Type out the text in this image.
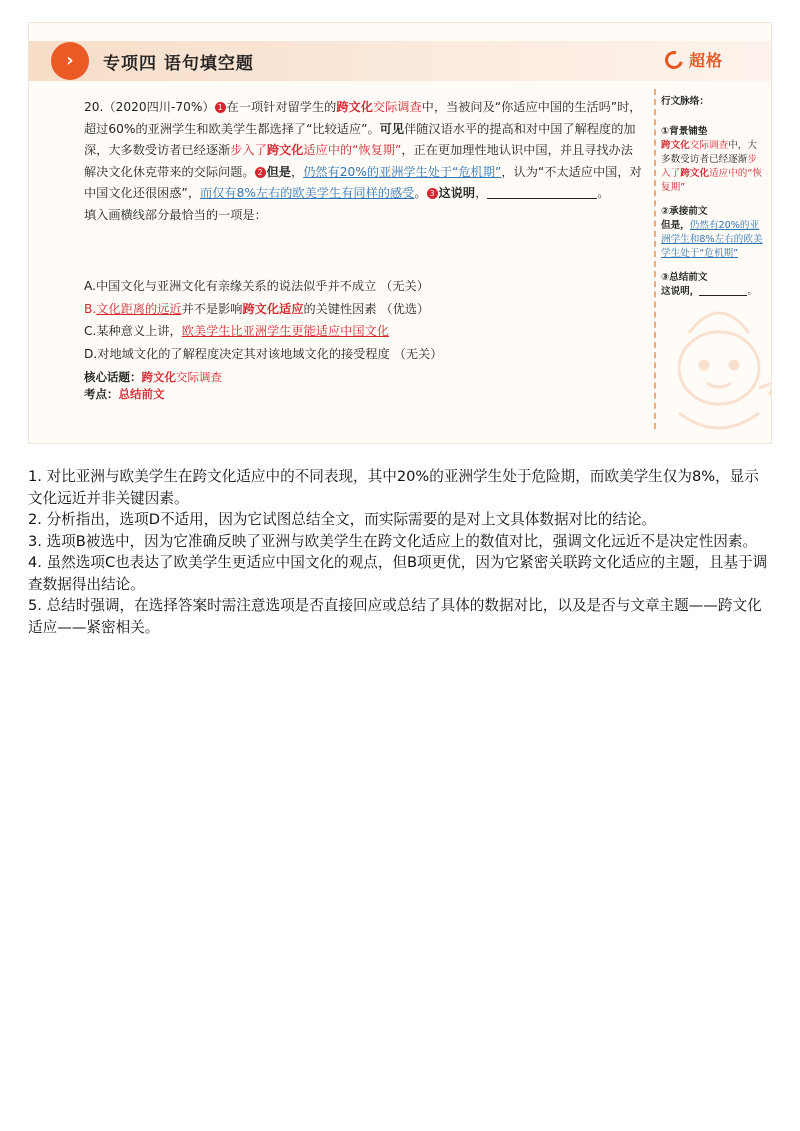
› 专项四 语句填空题	超格

20.（2020四川-70%） 1 在一项针对留学生的跨文化交际调查中，当被问及“你适应中国的生活吗”时，超过60%的亚洲学生和欧美学生都选择了“比较适应”。可见伴随汉语水平的提高和对中国了解程度的加深，大多数受访者已经逐渐步入了跨文化适应中的“恢复期”，正在更加理性地认识中国，并且寻找办法解决文化休克带来的交际问题。 2 但是，仍然有20%的亚洲学生处于“危机期”，认为“不太适应中国，对中国文化还很困惑”，而仅有8%左右的欧美学生有同样的感受。 3 这说明，	。

填入画横线部分最恰当的一项是：

A.中国文化与亚洲文化有亲缘关系的说法似乎并不成立 （无关）
B.文化距离的远近并不是影响跨文化适应的关键性因素 （优选）
C.某种意义上讲，欧美学生比亚洲学生更能适应中国文化
D.对地域文化的了解程度决定其对该地域文化的接受程度 （无关）
核心话题：跨文化交际调查
考点：总结前文
行文脉络：
①背景铺垫
跨文化交际调查中，大多数受访者已经逐渐步入了跨文化适应中的“恢复期”
②承接前文
但是，仍然有20%的亚洲学生和8%左右的欧美学生处于“危机期”
③总结前文
这说明，	。
1. 对比亚洲与欧美学生在跨文化适应中的不同表现，其中20%的亚洲学生处于危险期，而欧美学生仅为8%，显示文化远近并非关键因素。
2. 分析指出，选项D不适用，因为它试图总结全文，而实际需要的是对上文具体数据对比的结论。
3. 选项B被选中，因为它准确反映了亚洲与欧美学生在跨文化适应上的数值对比，强调文化远近不是决定性因素。
4. 虽然选项C也表达了欧美学生更适应中国文化的观点，但B项更优，因为它紧密关联跨文化适应的主题，且基于调查数据得出结论。
5. 总结时强调，在选择答案时需注意选项是否直接回应或总结了具体的数据对比，以及是否与文章主题——跨文化适应——紧密相关。
